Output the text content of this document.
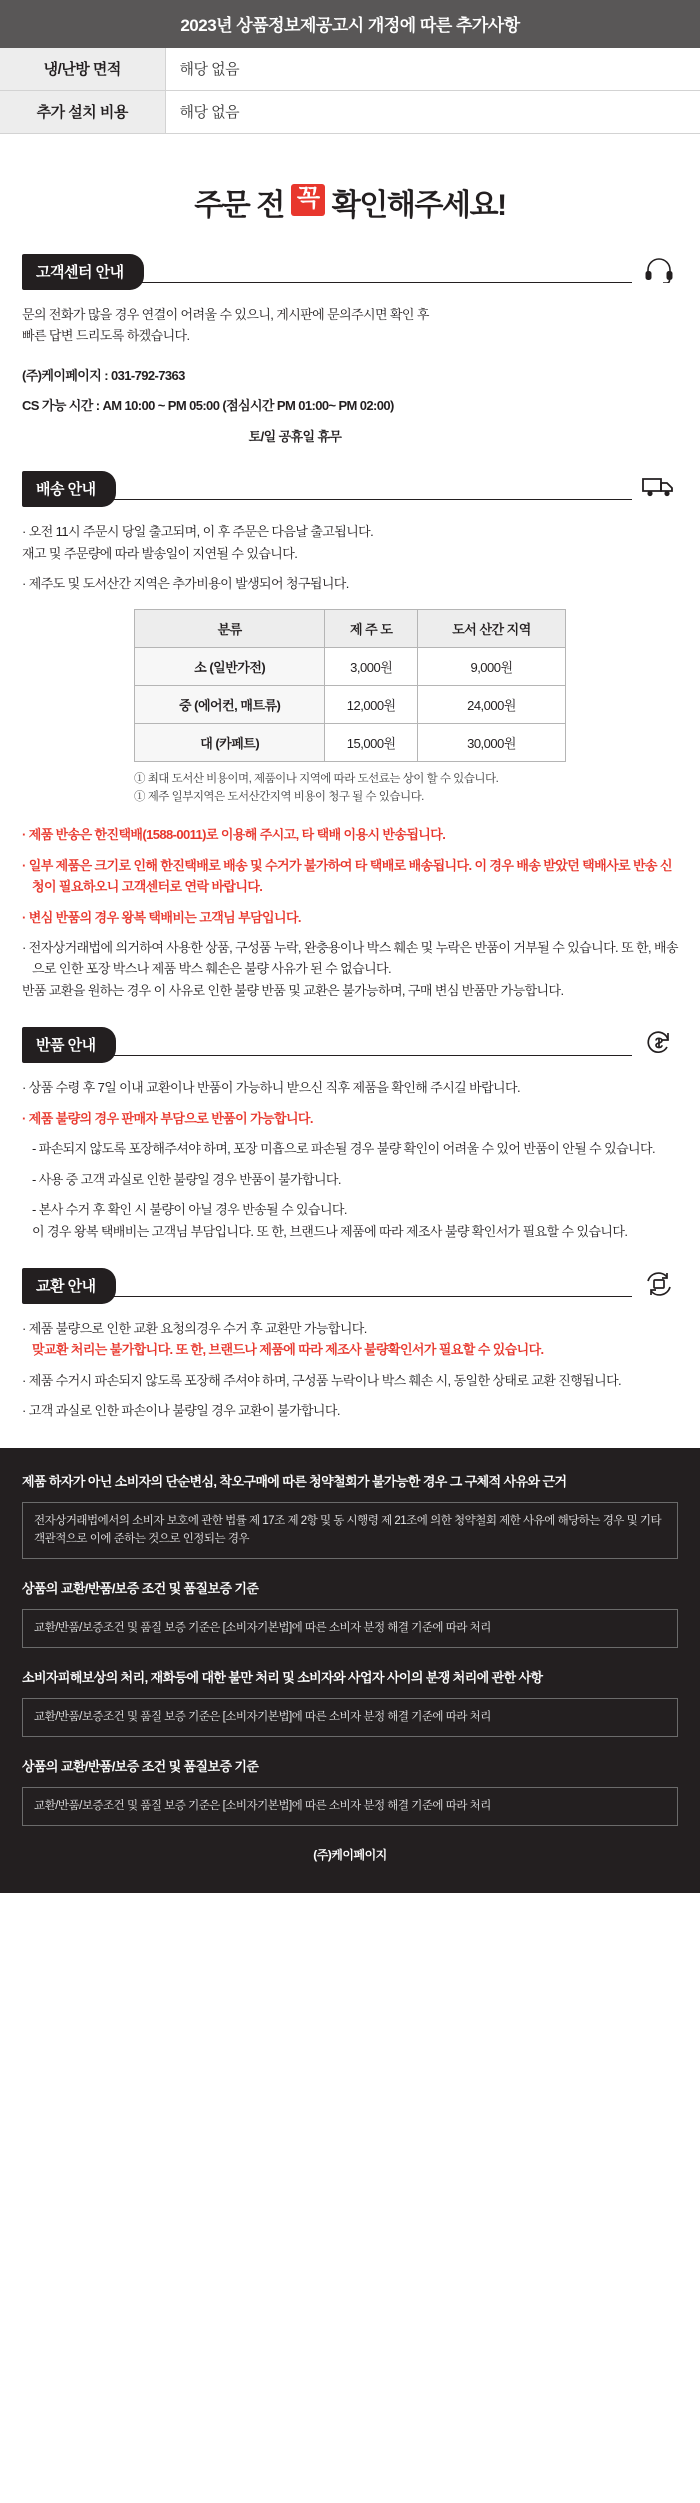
2023년 상품정보제공고시 개정에 따른 추가사항
냉/난방 면적	해당 없음
추가 설치 비용	해당 없음
주문 전 꼭 확인해주세요!
고객센터 안내

문의 전화가 많을 경우 연결이 어려울 수 있으니, 게시판에 문의주시면 확인 후
빠른 답변 드리도록 하겠습니다.

(주)케이페이지 : 031-792-7363

CS 가능 시간 : AM 10:00 ~ PM 05:00 (점심시간 PM 01:00~ PM 02:00)

토/일 공휴일 휴무

배송 안내

· 오전 11시 주문시 당일 출고되며, 이 후 주문은 다음날 출고됩니다.

재고 및 주문량에 따라 발송일이 지연될 수 있습니다.

· 제주도 및 도서산간 지역은 추가비용이 발생되어 청구됩니다.

분류	제 주 도	도서 산간 지역
소 (일반가전)	3,000원	9,000원
중 (에어컨, 매트류)	12,000원	24,000원
대 (카페트)	15,000원	30,000원

① 최대 도서산 비용이며, 제품이나 지역에 따라 도선료는 상이 할 수 있습니다.

① 제주 일부지역은 도서산간지역 비용이 청구 될 수 있습니다.

· 제품 반송은 한진택배(1588-0011)로 이용해 주시고, 타 택배 이용시 반송됩니다.

· 일부 제품은 크기로 인해 한진택배로 배송 및 수거가 불가하여 타 택배로 배송됩니다. 이 경우 배송 받았던 택배사로 반송 신청이 필요하오니 고객센터로 연락 바랍니다.

· 변심 반품의 경우 왕복 택배비는 고객님 부담입니다.

· 전자상거래법에 의거하여 사용한 상품, 구성품 누락, 완충용이나 박스 훼손 및 누락은 반품이 거부될 수 있습니다. 또 한, 배송으로 인한 포장 박스나 제품 박스 훼손은 불량 사유가 된 수 없습니다.

반품 교환을 원하는 경우 이 사유로 인한 불량 반품 및 교환은 불가능하며, 구매 변심 반품만 가능합니다.

반품 안내

· 상품 수령 후 7일 이내 교환이나 반품이 가능하니 받으신 직후 제품을 확인해 주시길 바랍니다.

· 제품 불량의 경우 판매자 부담으로 반품이 가능합니다.

- 파손되지 않도록 포장해주셔야 하며, 포장 미흡으로 파손될 경우 불량 확인이 어려울 수 있어 반품이 안될 수 있습니다.

- 사용 중 고객 과실로 인한 불량일 경우 반품이 불가합니다.

- 본사 수거 후 확인 시 불량이 아닐 경우 반송될 수 있습니다.

이 경우 왕복 택배비는 고객님 부담입니다. 또 한, 브랜드나 제품에 따라 제조사 불량 확인서가 필요할 수 있습니다.

교환 안내

· 제품 불량으로 인한 교환 요청의경우 수거 후 교환만 가능합니다.

맞교환 처리는 불가합니다. 또 한, 브랜드나 제품에 따라 제조사 불량확인서가 필요할 수 있습니다.

· 제품 수거시 파손되지 않도록 포장해 주셔야 하며, 구성품 누락이나 박스 훼손 시, 동일한 상태로 교환 진행됩니다.

· 고객 과실로 인한 파손이나 불량일 경우 교환이 불가합니다.

제품 하자가 아닌 소비자의 단순변심, 착오구매에 따른 청약철회가 불가능한 경우 그 구체적 사유와 근거
전자상거래법에서의 소비자 보호에 관한 법률 제 17조 제 2항 및 동 시행령 제 21조에 의한 청약철회 제한 사유에 해당하는 경우 및 기타 객관적으로 이에 준하는 것으로 인정되는 경우
상품의 교환/반품/보증 조건 및 품질보증 기준
교환/반품/보증조건 및 품질 보증 기준은 [소비자기본법]에 따른 소비자 분정 해결 기준에 따라 처리
소비자피해보상의 처리, 재화등에 대한 불만 처리 및 소비자와 사업자 사이의 분쟁 처리에 관한 사항
교환/반품/보증조건 및 품질 보증 기준은 [소비자기본법]에 따른 소비자 분정 해결 기준에 따라 처리
상품의 교환/반품/보증 조건 및 품질보증 기준
교환/반품/보증조건 및 품질 보증 기준은 [소비자기본법]에 따른 소비자 분정 해결 기준에 따라 처리
(주)케이페이지
